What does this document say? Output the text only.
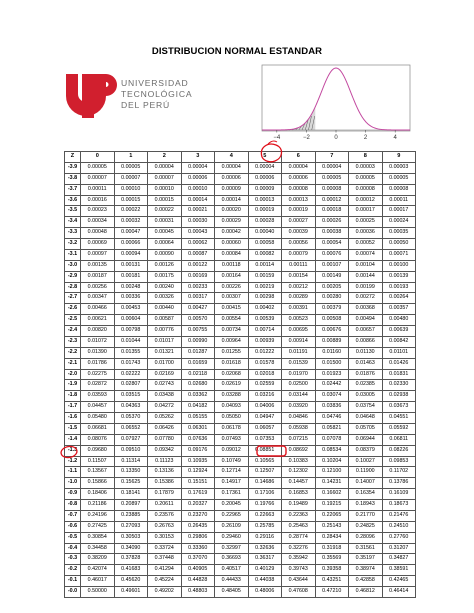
DISTRIBUCION NORMAL ESTANDAR
UNIVERSIDAD
TECNOLÓGICA
DEL PERÚ
−4	−2	0	2	4
Z	0	1	2	3	4	5	6	7	8	9
-3.9	0.00005	0.00005	0.00004	0.00004	0.00004	0.00004	0.00004	0.00004	0.00003	0.00003
-3.8	0.00007	0.00007	0.00007	0.00006	0.00006	0.00006	0.00006	0.00005	0.00005	0.00005
-3.7	0.00011	0.00010	0.00010	0.00010	0.00009	0.00009	0.00008	0.00008	0.00008	0.00008
-3.6	0.00016	0.00015	0.00015	0.00014	0.00014	0.00013	0.00013	0.00012	0.00012	0.00011
-3.5	0.00023	0.00022	0.00022	0.00021	0.00020	0.00019	0.00019	0.00018	0.00017	0.00017
-3.4	0.00034	0.00032	0.00031	0.00030	0.00029	0.00028	0.00027	0.00026	0.00025	0.00024
-3.3	0.00048	0.00047	0.00045	0.00043	0.00042	0.00040	0.00039	0.00038	0.00036	0.00035
-3.2	0.00069	0.00066	0.00064	0.00062	0.00060	0.00058	0.00056	0.00054	0.00052	0.00050
-3.1	0.00097	0.00094	0.00090	0.00087	0.00084	0.00082	0.00079	0.00076	0.00074	0.00071
-3.0	0.00135	0.00131	0.00126	0.00122	0.00118	0.00114	0.00111	0.00107	0.00104	0.00100
-2.9	0.00187	0.00181	0.00175	0.00169	0.00164	0.00159	0.00154	0.00149	0.00144	0.00139
-2.8	0.00256	0.00248	0.00240	0.00233	0.00226	0.00219	0.00212	0.00205	0.00199	0.00193
-2.7	0.00347	0.00336	0.00326	0.00317	0.00307	0.00298	0.00289	0.00280	0.00272	0.00264
-2.6	0.00466	0.00453	0.00440	0.00427	0.00415	0.00402	0.00391	0.00379	0.00368	0.00357
-2.5	0.00621	0.00604	0.00587	0.00570	0.00554	0.00539	0.00523	0.00508	0.00494	0.00480
-2.4	0.00820	0.00798	0.00776	0.00755	0.00734	0.00714	0.00695	0.00676	0.00657	0.00639
-2.3	0.01072	0.01044	0.01017	0.00990	0.00964	0.00939	0.00914	0.00889	0.00866	0.00842
-2.2	0.01390	0.01355	0.01321	0.01287	0.01255	0.01222	0.01191	0.01160	0.01130	0.01101
-2.1	0.01786	0.01743	0.01700	0.01659	0.01618	0.01578	0.01539	0.01500	0.01463	0.01426
-2.0	0.02275	0.02222	0.02169	0.02118	0.02068	0.02018	0.01970	0.01923	0.01876	0.01831
-1.9	0.02872	0.02807	0.02743	0.02680	0.02619	0.02559	0.02500	0.02442	0.02385	0.02330
-1.8	0.03593	0.03515	0.03438	0.03362	0.03288	0.03216	0.03144	0.03074	0.03005	0.02938
-1.7	0.04457	0.04363	0.04272	0.04182	0.04093	0.04006	0.03920	0.03836	0.03754	0.03673
-1.6	0.05480	0.05370	0.05262	0.05155	0.05050	0.04947	0.04846	0.04746	0.04648	0.04551
-1.5	0.06681	0.06552	0.06426	0.06301	0.06178	0.06057	0.05938	0.05821	0.05705	0.05592
-1.4	0.08076	0.07927	0.07780	0.07636	0.07493	0.07353	0.07215	0.07078	0.06944	0.06811
-1.3	0.09680	0.09510	0.09342	0.09176	0.09012	0.08851	0.08692	0.08534	0.08379	0.08226
-1.2	0.11507	0.11314	0.11123	0.10935	0.10749	0.10565	0.10383	0.10204	0.10027	0.09853
-1.1	0.13567	0.13350	0.13136	0.12924	0.12714	0.12507	0.12302	0.12100	0.11900	0.11702
-1.0	0.15866	0.15625	0.15386	0.15151	0.14917	0.14686	0.14457	0.14231	0.14007	0.13786
-0.9	0.18406	0.18141	0.17879	0.17619	0.17361	0.17106	0.16853	0.16602	0.16354	0.16109
-0.8	0.21186	0.20897	0.20611	0.20327	0.20045	0.19766	0.19489	0.19215	0.18943	0.18673
-0.7	0.24196	0.23885	0.23576	0.23270	0.22965	0.22663	0.22363	0.22065	0.21770	0.21476
-0.6	0.27425	0.27093	0.26763	0.26435	0.26109	0.25785	0.25463	0.25143	0.24825	0.24510
-0.5	0.30854	0.30503	0.30153	0.29806	0.29460	0.29116	0.28774	0.28434	0.28096	0.27760
-0.4	0.34458	0.34090	0.33724	0.33360	0.32997	0.32636	0.32276	0.31918	0.31561	0.31207
-0.3	0.38209	0.37828	0.37448	0.37070	0.36693	0.36317	0.35942	0.35569	0.35197	0.34827
-0.2	0.42074	0.41683	0.41294	0.40905	0.40517	0.40129	0.39743	0.39358	0.38974	0.38591
-0.1	0.46017	0.45620	0.45224	0.44828	0.44433	0.44038	0.43644	0.43251	0.42858	0.42465
-0.0	0.50000	0.49601	0.49202	0.48803	0.48405	0.48006	0.47608	0.47210	0.46812	0.46414
